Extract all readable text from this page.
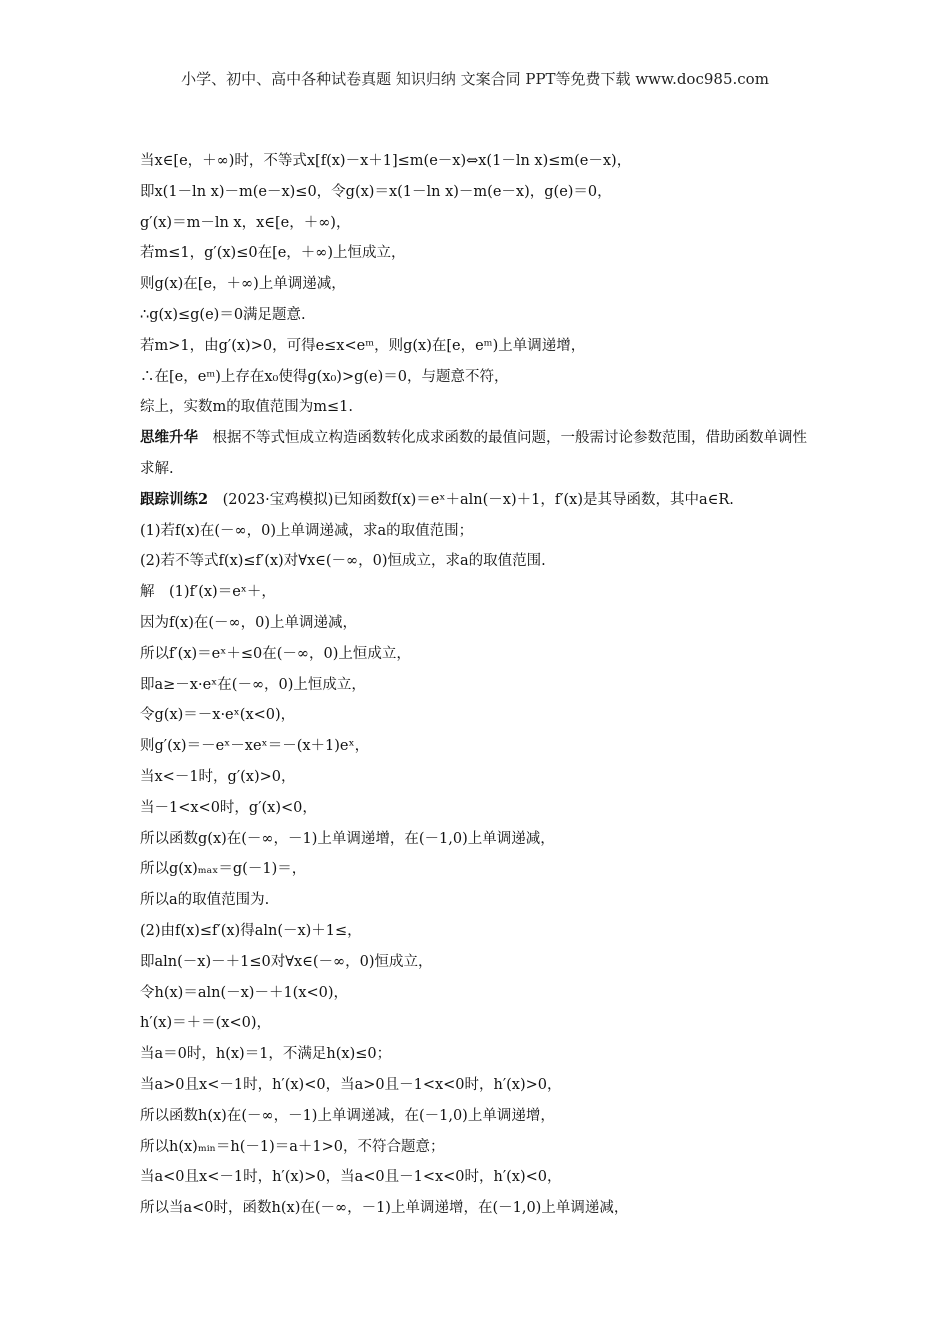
小学、初中、高中各种试卷真题 知识归纳 文案合同 PPT等免费下载 www.doc985.com
当x∈[e，＋∞)时，不等式x[f(x)－x＋1]≤m(e－x)⇔x(1－ln x)≤m(e－x)，
即x(1－ln x)－m(e－x)≤0，令g(x)＝x(1－ln x)－m(e－x)，g(e)＝0，
g′(x)＝m－ln x，x∈[e，＋∞)，
若m≤1，g′(x)≤0在[e，＋∞)上恒成立，
则g(x)在[e，＋∞)上单调递减，
∴g(x)≤g(e)＝0满足题意.
若m>1，由g′(x)>0，可得e≤x<eᵐ，则g(x)在[e，eᵐ)上单调递增，
∴在[e，eᵐ)上存在x₀使得g(x₀)>g(e)＝0，与题意不符，
综上，实数m的取值范围为m≤1.
思维升华  根据不等式恒成立构造函数转化成求函数的最值问题，一般需讨论参数范围，借助函数单调性求解.
跟踪训练2  (2023·宝鸡模拟)已知函数f(x)＝eˣ＋aln(－x)＋1，f′(x)是其导函数，其中a∈R.
(1)若f(x)在(－∞，0)上单调递减，求a的取值范围；
(2)若不等式f(x)≤f′(x)对∀x∈(－∞，0)恒成立，求a的取值范围.
解　(1)f′(x)＝eˣ＋，
因为f(x)在(－∞，0)上单调递减，
所以f′(x)＝eˣ＋≤0在(－∞，0)上恒成立，
即a≥－x·eˣ在(－∞，0)上恒成立，
令g(x)＝－x·eˣ(x<0)，
则g′(x)＝－eˣ－xeˣ＝－(x＋1)eˣ，
当x<－1时，g′(x)>0，
当－1<x<0时，g′(x)<0，
所以函数g(x)在(－∞，－1)上单调递增，在(－1,0)上单调递减，
所以g(x)ₘₐₓ＝g(－1)＝，
所以a的取值范围为.
(2)由f(x)≤f′(x)得aln(－x)＋1≤，
即aln(－x)－＋1≤0对∀x∈(－∞，0)恒成立，
令h(x)＝aln(－x)－＋1(x<0)，
h′(x)＝＋＝(x<0)，
当a＝0时，h(x)＝1，不满足h(x)≤0；
当a>0且x<－1时，h′(x)<0，当a>0且－1<x<0时，h′(x)>0，
所以函数h(x)在(－∞，－1)上单调递减，在(－1,0)上单调递增，
所以h(x)ₘᵢₙ＝h(－1)＝a＋1>0，不符合题意；
当a<0且x<－1时，h′(x)>0，当a<0且－1<x<0时，h′(x)<0，
所以当a<0时，函数h(x)在(－∞，－1)上单调递增，在(－1,0)上单调递减，
